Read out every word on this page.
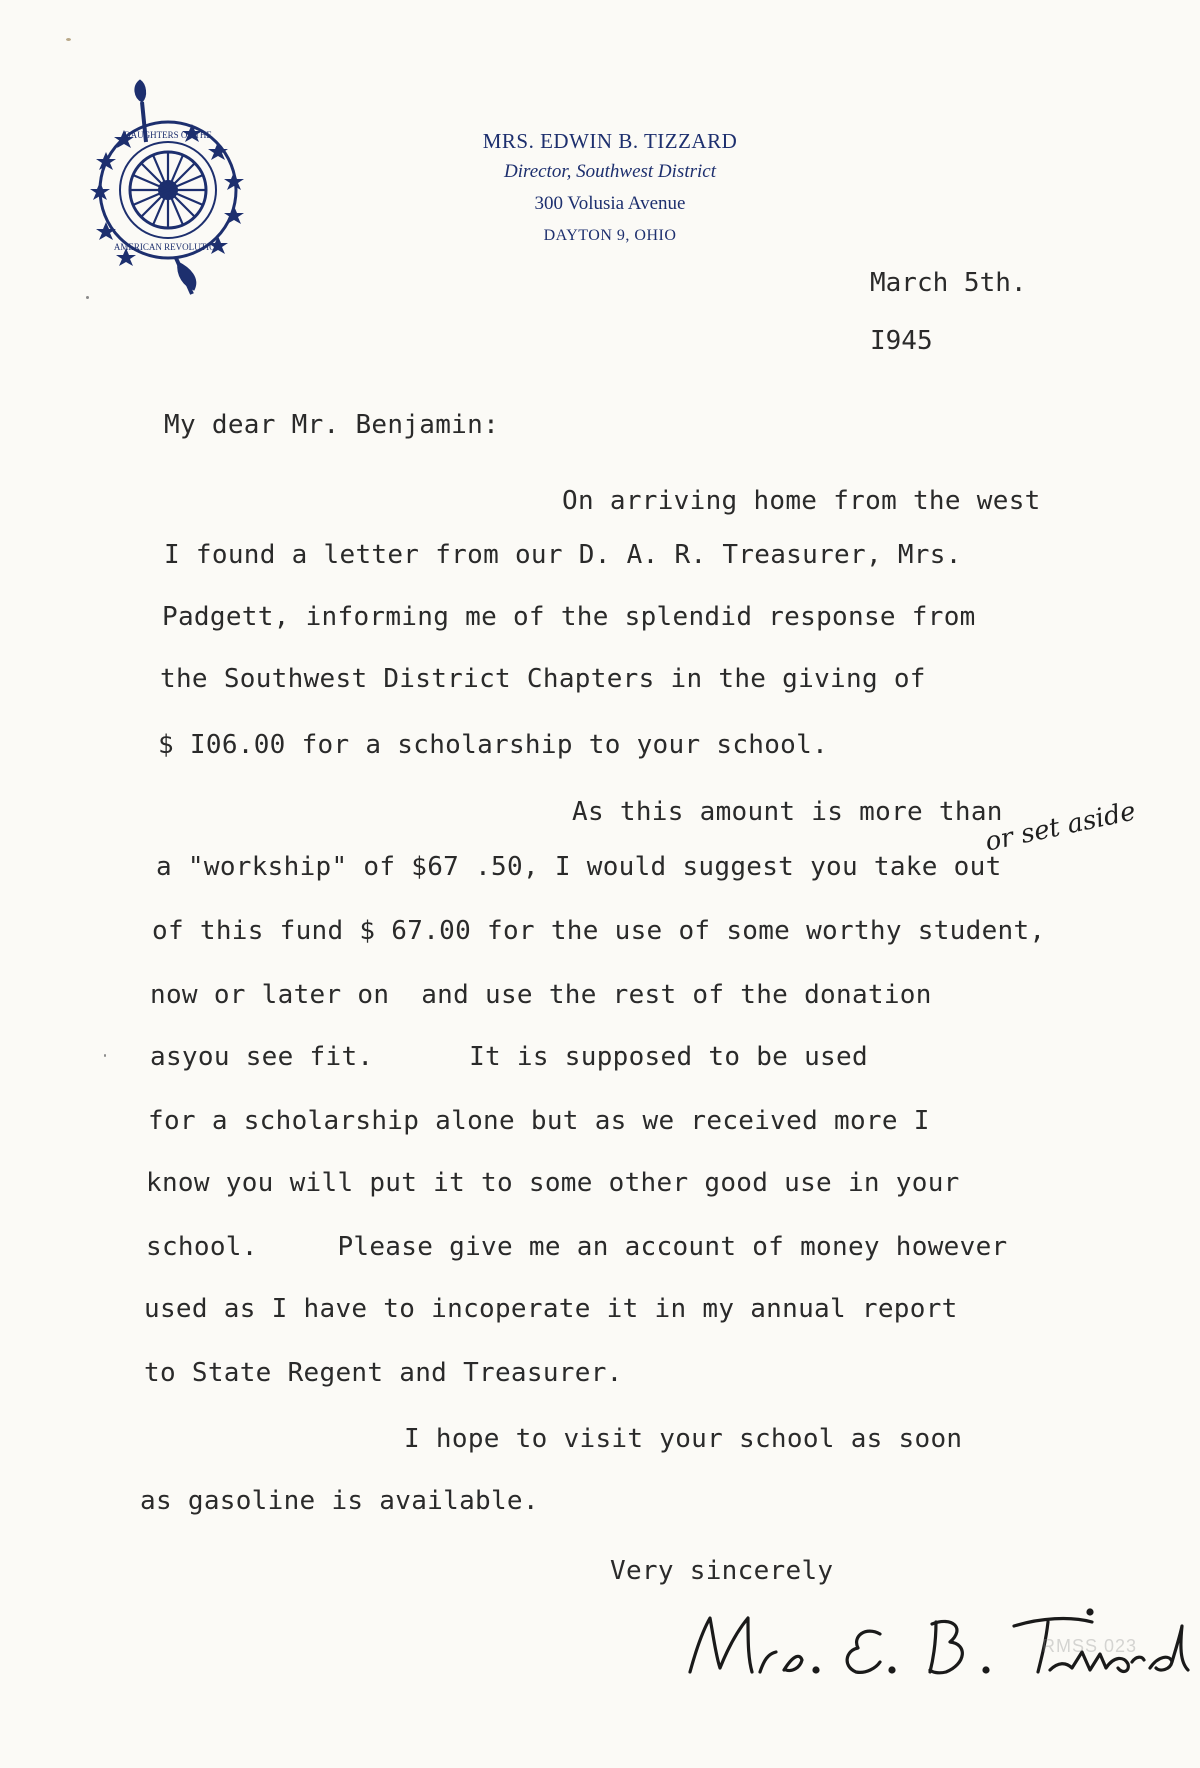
DAUGHTERS OF THE
AMERICAN REVOLUTION
MRS. EDWIN B. TIZZARD
Director, Southwest District
300 Volusia Avenue
DAYTON 9, OHIO
March 5th.
I945
My dear Mr. Benjamin:
On arriving home from the west
I found a letter from our D. A. R. Treasurer, Mrs.
Padgett, informing me of the splendid response from
the Southwest District Chapters in the giving of
$ I06.00 for a scholarship to your school.
As this amount is more than
or set aside
a "workship" of $67 .50, I would suggest you take out
of this fund $ 67.00 for the use of some worthy student,
now or later on  and use the rest of the donation
asyou see fit.      It is supposed to be used
for a scholarship alone but as we received more I
know you will put it to some other good use in your
school.     Please give me an account of money however
used as I have to incoperate it in my annual report
to State Regent and Treasurer.
I hope to visit your school as soon
as gasoline is available.
Very sincerely
RMSS 023
